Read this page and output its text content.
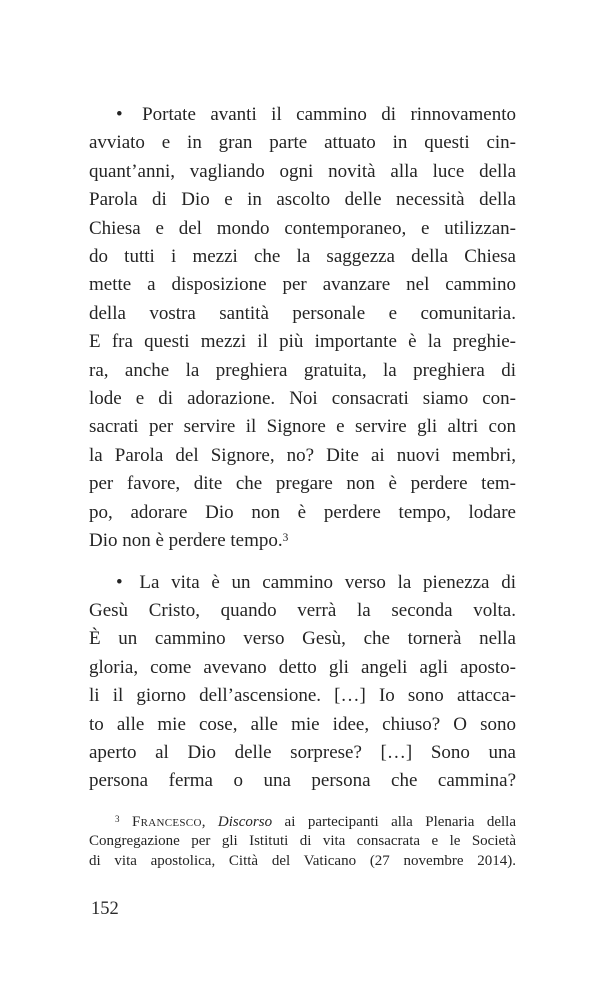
• Portate avanti il cammino di rinnovamento
avviato e in gran parte attuato in questi cin-
quant’anni, vagliando ogni novità alla luce della
Parola di Dio e in ascolto delle necessità della
Chiesa e del mondo contemporaneo, e utilizzan-
do tutti i mezzi che la saggezza della Chiesa
mette a disposizione per avanzare nel cammino
della vostra santità personale e comunitaria.
E fra questi mezzi il più importante è la preghie-
ra, anche la preghiera gratuita, la preghiera di
lode e di adorazione. Noi consacrati siamo con-
sacrati per servire il Signore e servire gli altri con
la Parola del Signore, no? Dite ai nuovi membri,
per favore, dite che pregare non è perdere tem-
po, adorare Dio non è perdere tempo, lodare
Dio non è perdere tempo.$^3$
• La vita è un cammino verso la pienezza di
Gesù Cristo, quando verrà la seconda volta.
È un cammino verso Gesù, che tornerà nella
gloria, come avevano detto gli angeli agli aposto-
li il giorno dell’ascensione. […] Io sono attacca-
to alle mie cose, alle mie idee, chiuso? O sono
aperto al Dio delle sorprese? […] Sono una
persona ferma o una persona che cammina?
$^3$ Francesco, Discorso ai partecipanti alla Plenaria della
Congregazione per gli Istituti di vita consacrata e le Società
di vita apostolica, Città del Vaticano (27 novembre 2014).
152
